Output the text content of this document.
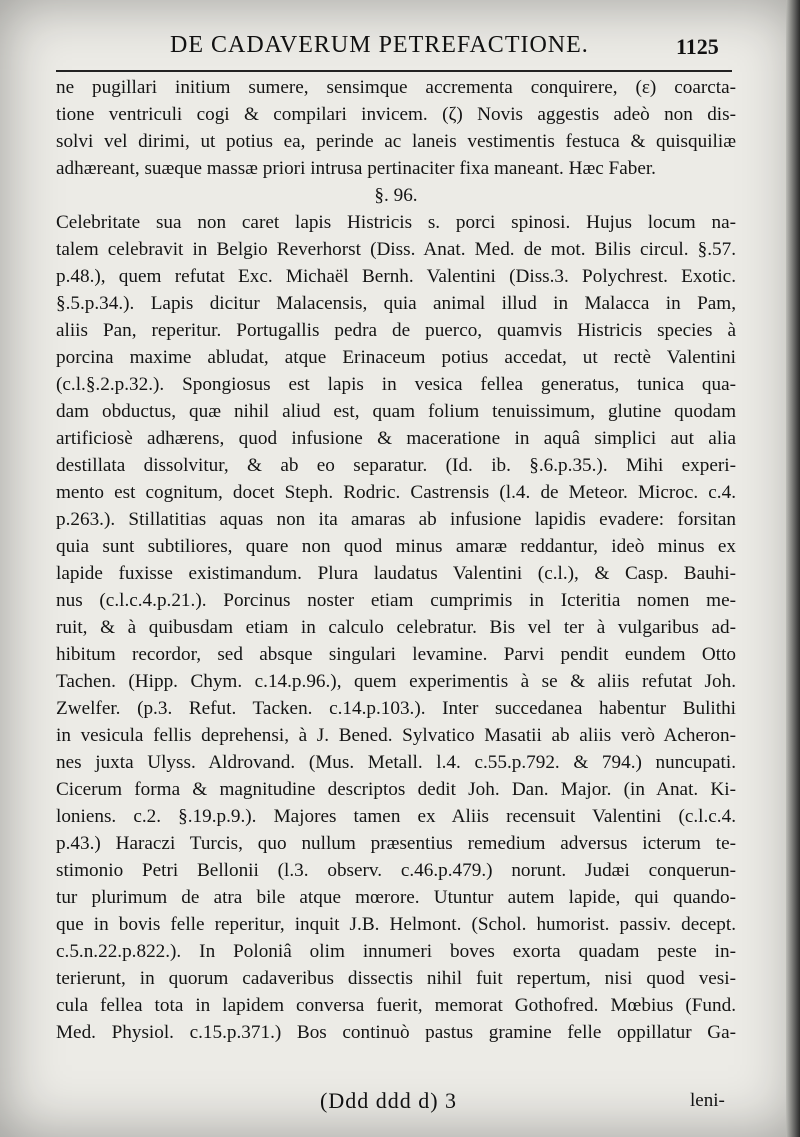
DE CADAVERUM PETREFACTIONE.	1125
ne pugillari initium sumere, sensimque accrementa conquirere, (ε) coarcta-
tione ventriculi cogi & compilari invicem. (ζ) Novis aggestis adeò non dis-
solvi vel dirimi, ut potius ea, perinde ac laneis vestimentis festuca & quisquiliæ
adhæreant, suæque massæ priori intrusa pertinaciter fixa maneant. Hæc Faber.
§. 96.
Celebritate sua non caret lapis Histricis s. porci spinosi. Hujus locum na-
talem celebravit in Belgio Reverhorst (Diss. Anat. Med. de mot. Bilis circul. §.57.
p.48.), quem refutat Exc. Michaël Bernh. Valentini (Diss.3. Polychrest. Exotic.
§.5.p.34.). Lapis dicitur Malacensis, quia animal illud in Malacca in Pam,
aliis Pan, reperitur. Portugallis pedra de puerco, quamvis Histricis species à
porcina maxime abludat, atque Erinaceum potius accedat, ut rectè Valentini
(c.l.§.2.p.32.). Spongiosus est lapis in vesica fellea generatus, tunica qua-
dam obductus, quæ nihil aliud est, quam folium tenuissimum, glutine quodam
artificiosè adhærens, quod infusione & maceratione in aquâ simplici aut alia
destillata dissolvitur, & ab eo separatur. (Id. ib. §.6.p.35.). Mihi experi-
mento est cognitum, docet Steph. Rodric. Castrensis (l.4. de Meteor. Microc. c.4.
p.263.). Stillatitias aquas non ita amaras ab infusione lapidis evadere: forsitan
quia sunt subtiliores, quare non quod minus amaræ reddantur, ideò minus ex
lapide fuxisse existimandum. Plura laudatus Valentini (c.l.), & Casp. Bauhi-
nus (c.l.c.4.p.21.). Porcinus noster etiam cumprimis in Icteritia nomen me-
ruit, & à quibusdam etiam in calculo celebratur. Bis vel ter à vulgaribus ad-
hibitum recordor, sed absque singulari levamine. Parvi pendit eundem Otto
Tachen. (Hipp. Chym. c.14.p.96.), quem experimentis à se & aliis refutat Joh.
Zwelfer. (p.3. Refut. Tacken. c.14.p.103.). Inter succedanea habentur Bulithi
in vesicula fellis deprehensi, à J. Bened. Sylvatico Masatii ab aliis verò Acheron-
nes juxta Ulyss. Aldrovand. (Mus. Metall. l.4. c.55.p.792. & 794.) nuncupati.
Cicerum forma & magnitudine descriptos dedit Joh. Dan. Major. (in Anat. Ki-
loniens. c.2. §.19.p.9.). Majores tamen ex Aliis recensuit Valentini (c.l.c.4.
p.43.) Haraczi Turcis, quo nullum præsentius remedium adversus icterum te-
stimonio Petri Bellonii (l.3. observ. c.46.p.479.) norunt. Judæi conquerun-
tur plurimum de atra bile atque mœrore. Utuntur autem lapide, qui quando-
que in bovis felle reperitur, inquit J.B. Helmont. (Schol. humorist. passiv. decept.
c.5.n.22.p.822.). In Poloniâ olim innumeri boves exorta quadam peste in-
terierunt, in quorum cadaveribus dissectis nihil fuit repertum, nisi quod vesi-
cula fellea tota in lapidem conversa fuerit, memorat Gothofred. Mœbius (Fund.
Med. Physiol. c.15.p.371.) Bos continuò pastus gramine felle oppillatur Ga-
(Ddd ddd d) 3	leni-
